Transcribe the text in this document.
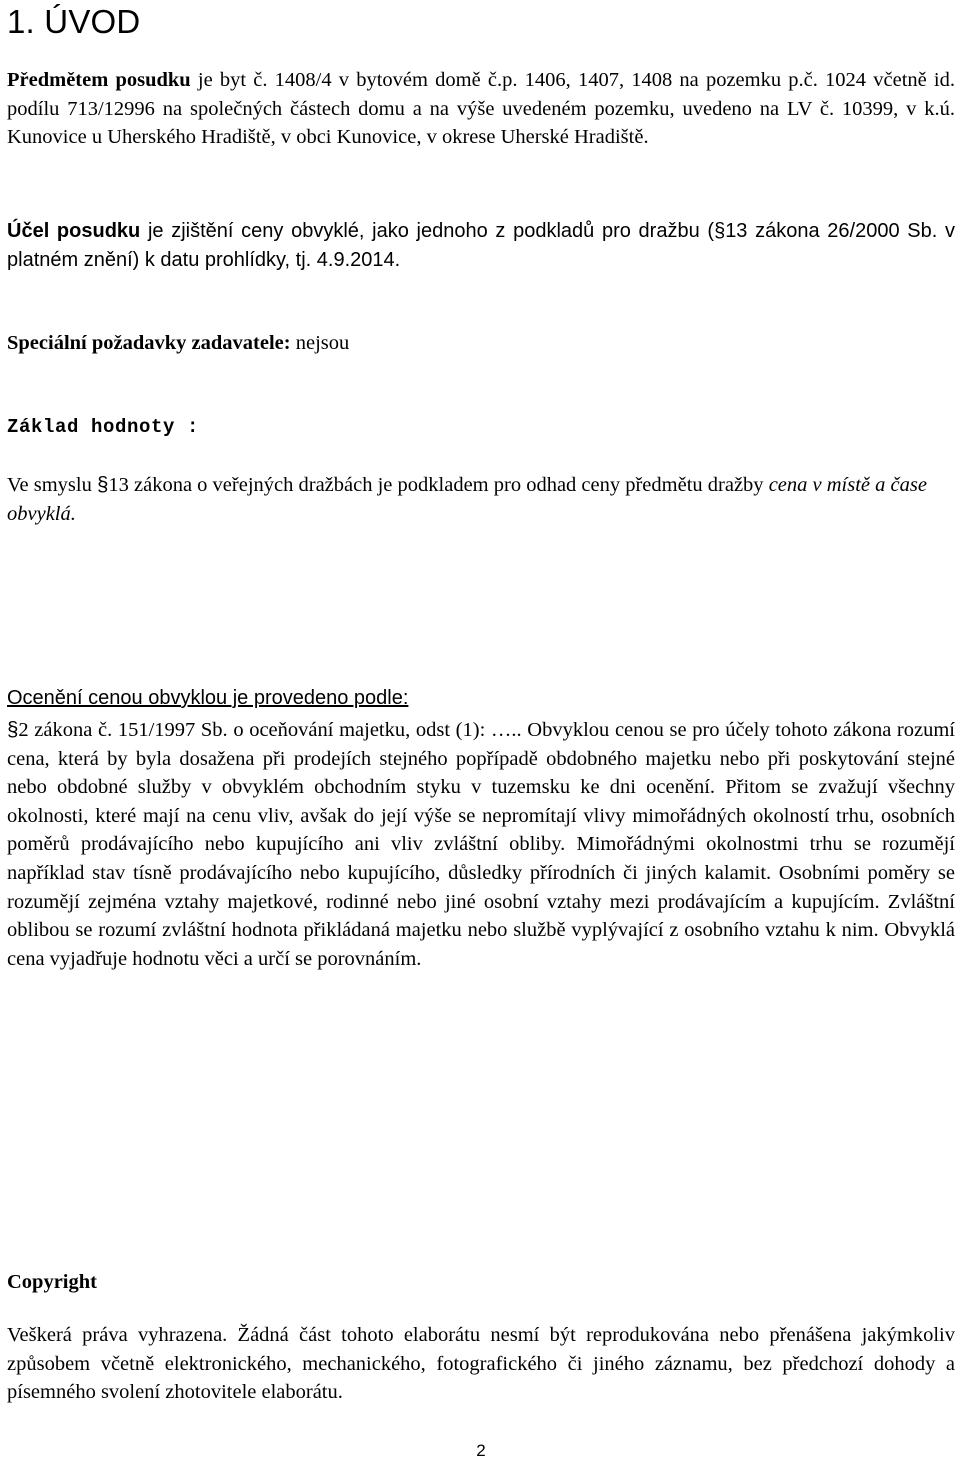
1. ÚVOD
Předmětem posudku je byt č. 1408/4 v bytovém domě č.p. 1406, 1407, 1408 na pozemku p.č. 1024 včetně id. podílu 713/12996 na společných částech domu a na výše uvedeném pozemku, uvedeno na LV č. 10399, v k.ú. Kunovice u Uherského Hradiště, v obci Kunovice, v okrese Uherské Hradiště.
Účel posudku je zjištění ceny obvyklé, jako jednoho z podkladů pro dražbu (§13 zákona 26/2000 Sb. v platném znění) k datu prohlídky, tj. 4.9.2014.
Speciální požadavky zadavatele: nejsou
Základ hodnoty :
Ve smyslu §13 zákona o veřejných dražbách je podkladem pro odhad ceny předmětu dražby cena v místě a čase obvyklá.
Ocenění cenou obvyklou je provedeno podle:
§2 zákona č. 151/1997 Sb. o oceňování majetku, odst (1): ….. Obvyklou cenou se pro účely tohoto zákona rozumí cena, která by byla dosažena při prodejích stejného popřípadě obdobného majetku nebo při poskytování stejné nebo obdobné služby v obvyklém obchodním styku v tuzemsku ke dni ocenění. Přitom se zvažují všechny okolnosti, které mají na cenu vliv, avšak do její výše se nepromítají vlivy mimořádných okolností trhu, osobních poměrů prodávajícího nebo kupujícího ani vliv zvláštní obliby. Mimořádnými okolnostmi trhu se rozumějí například stav tísně prodávajícího nebo kupujícího, důsledky přírodních či jiných kalamit. Osobními poměry se rozumějí zejména vztahy majetkové, rodinné nebo jiné osobní vztahy mezi prodávajícím a kupujícím. Zvláštní oblibou se rozumí zvláštní hodnota přikládaná majetku nebo službě vyplývající z osobního vztahu k nim. Obvyklá cena vyjadřuje hodnotu věci a určí se porovnáním.
Copyright
Veškerá práva vyhrazena. Žádná část tohoto elaborátu nesmí být reprodukována nebo přenášena jakýmkoliv způsobem včetně elektronického, mechanického, fotografického či jiného záznamu, bez předchozí dohody a písemného svolení zhotovitele elaborátu.
2
